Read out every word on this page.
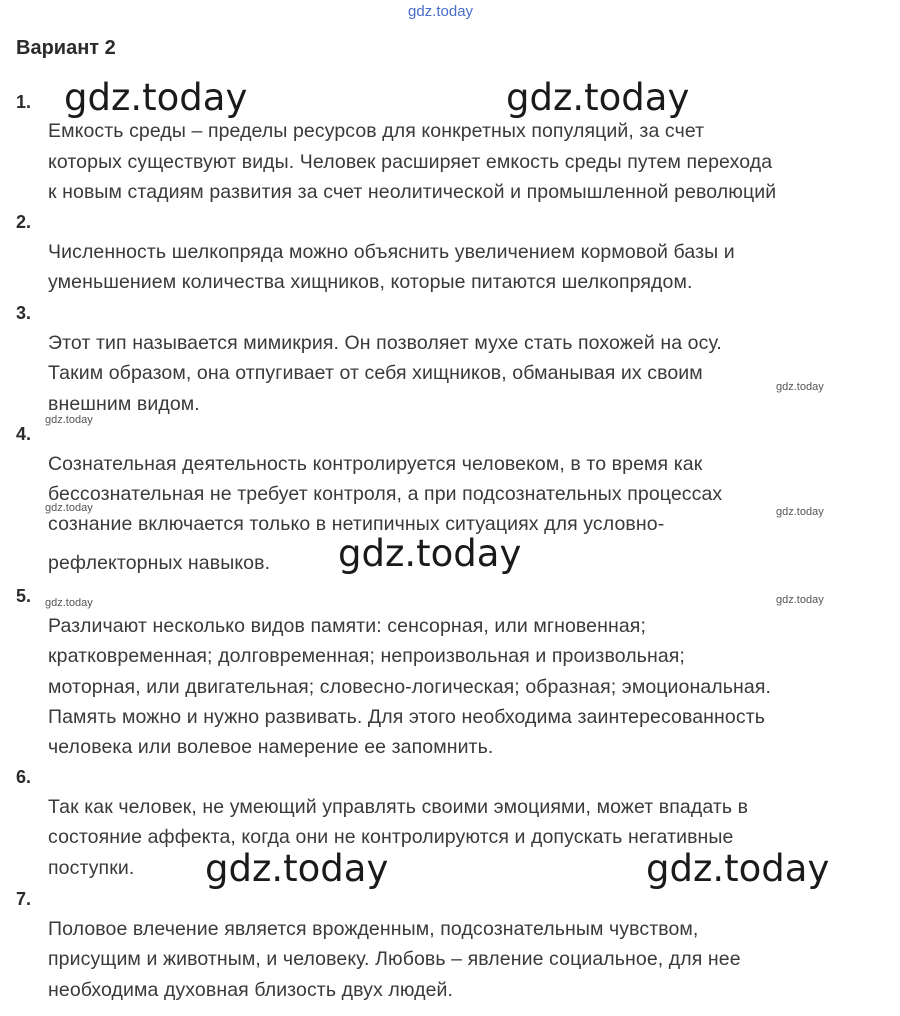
gdz.today
Вариант 2
1.
Емкость среды – пределы ресурсов для конкретных популяций, за счет
которых существуют виды. Человек расширяет емкость среды путем перехода
к новым стадиям развития за счет неолитической и промышленной революций
2.
Численность шелкопряда можно объяснить увеличением кормовой базы и
уменьшением количества хищников, которые питаются шелкопрядом.
3.
Этот тип называется мимикрия. Он позволяет мухе стать похожей на осу.
Таким образом, она отпугивает от себя хищников, обманывая их своим
внешним видом.
4.
Сознательная деятельность контролируется человеком, в то время как
бессознательная не требует контроля, а при подсознательных процессах
сознание включается только в нетипичных ситуациях для условно-
рефлекторных навыков.
5.
Различают несколько видов памяти: сенсорная, или мгновенная;
кратковременная; долговременная; непроизвольная и произвольная;
моторная, или двигательная; словесно-логическая; образная; эмоциональная.
Память можно и нужно развивать. Для этого необходима заинтересованность
человека или волевое намерение ее запомнить.
6.
Так как человек, не умеющий управлять своими эмоциями, может впадать в
состояние аффекта, когда они не контролируются и допускать негативные
поступки.
7.
Половое влечение является врожденным, подсознательным чувством,
присущим и животным, и человеку. Любовь – явление социальное, для нее
необходима духовная близость двух людей.
gdz.today	gdz.today
gdz.today
gdz.today	gdz.today
gdz.today
gdz.today
gdz.today	gdz.today
gdz.today	gdz.today
